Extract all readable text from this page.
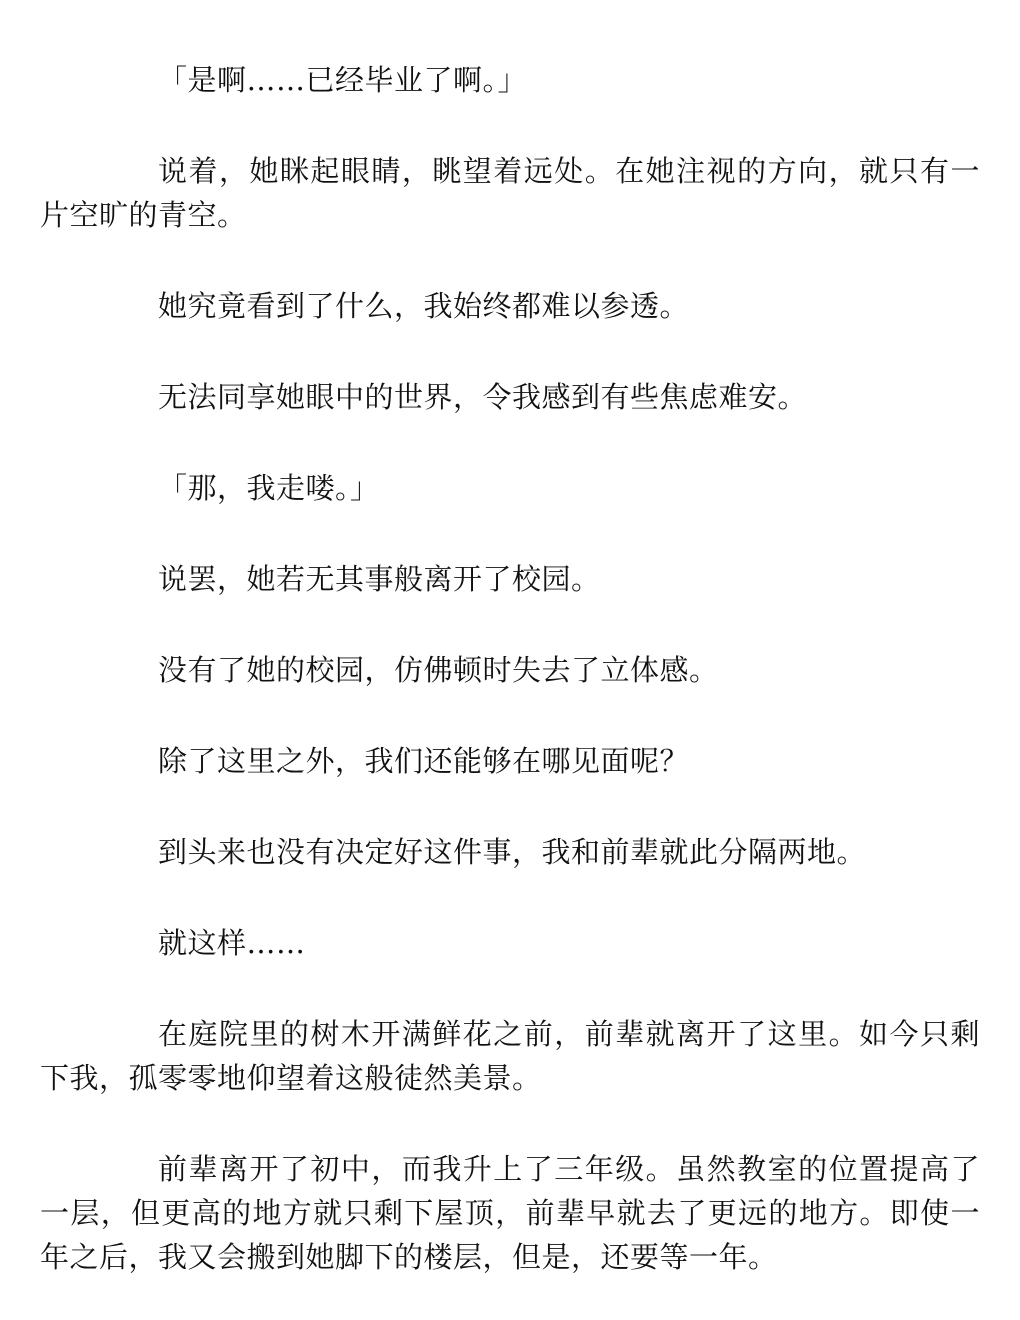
「是啊……已经毕业了啊。」

说着，她眯起眼睛，眺望着远处。在她注视的方向，就只有一片空旷的青空。

她究竟看到了什么，我始终都难以参透。

无法同享她眼中的世界，令我感到有些焦虑难安。

「那，我走喽。」

说罢，她若无其事般离开了校园。

没有了她的校园，仿佛顿时失去了立体感。

除了这里之外，我们还能够在哪见面呢？

到头来也没有决定好这件事，我和前辈就此分隔两地。

就这样……

在庭院里的树木开满鲜花之前，前辈就离开了这里。如今只剩下我，孤零零地仰望着这般徒然美景。

前辈离开了初中，而我升上了三年级。虽然教室的位置提高了一层，但更高的地方就只剩下屋顶，前辈早就去了更远的地方。即使一年之后，我又会搬到她脚下的楼层，但是，还要等一年。
